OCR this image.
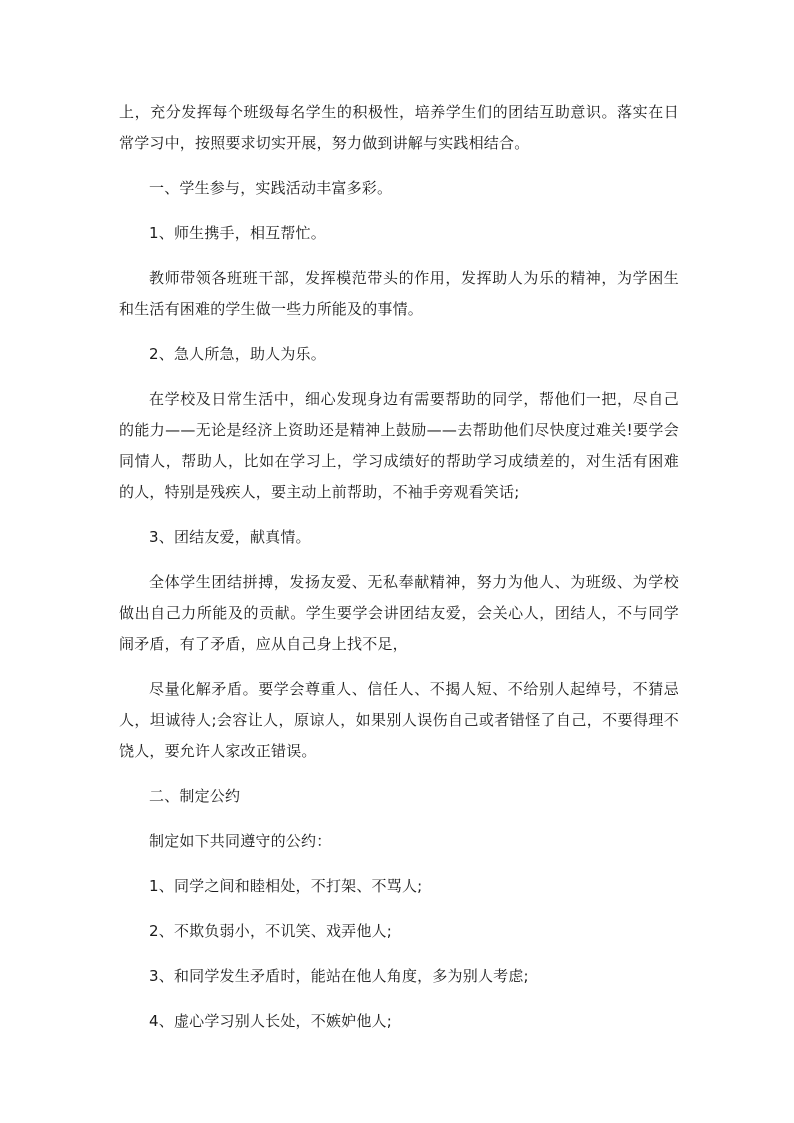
上，充分发挥每个班级每名学生的积极性，培养学生们的团结互助意识。落实在日常学习中，按照要求切实开展，努力做到讲解与实践相结合。

一、学生参与，实践活动丰富多彩。

1、师生携手，相互帮忙。

教师带领各班班干部，发挥模范带头的作用，发挥助人为乐的精神，为学困生和生活有困难的学生做一些力所能及的事情。

2、急人所急，助人为乐。

在学校及日常生活中，细心发现身边有需要帮助的同学，帮他们一把，尽自己的能力——无论是经济上资助还是精神上鼓励——去帮助他们尽快度过难关!要学会同情人，帮助人，比如在学习上，学习成绩好的帮助学习成绩差的，对生活有困难的人，特别是残疾人，要主动上前帮助，不袖手旁观看笑话;

3、团结友爱，献真情。

全体学生团结拼搏，发扬友爱、无私奉献精神，努力为他人、为班级、为学校做出自己力所能及的贡献。学生要学会讲团结友爱，会关心人，团结人，不与同学闹矛盾，有了矛盾，应从自己身上找不足，

尽量化解矛盾。要学会尊重人、信任人、不揭人短、不给别人起绰号，不猜忌人，坦诚待人;会容让人，原谅人，如果别人误伤自己或者错怪了自己，不要得理不饶人，要允许人家改正错误。

二、制定公约

制定如下共同遵守的公约：

1、同学之间和睦相处，不打架、不骂人;

2、不欺负弱小，不讥笑、戏弄他人;

3、和同学发生矛盾时，能站在他人角度，多为别人考虑;

4、虚心学习别人长处，不嫉妒他人;
